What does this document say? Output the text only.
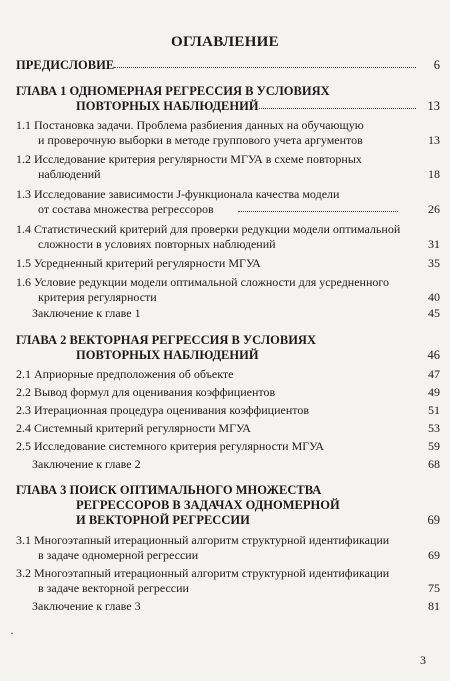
ОГЛАВЛЕНИЕ
ПРЕДИСЛОВИЕ	6
ГЛАВА 1 ОДНОМЕРНАЯ РЕГРЕССИЯ В УСЛОВИЯХ
ПОВТОРНЫХ НАБЛЮДЕНИЙ	13
1.1 Постановка задачи. Проблема разбиения данных на обучающую
и проверочную выборки в методе группового учета аргументов	13
1.2 Исследование критерия регулярности МГУА в схеме повторных
наблюдений	18
1.3 Исследование зависимости J-функционала качества модели
от состава множества регрессоров	26
1.4 Статистический критерий для проверки редукции модели оптимальной
сложности в условиях повторных наблюдений	31
1.5 Усредненный критерий регулярности МГУА	35
1.6 Условие редукции модели оптимальной сложности для усредненного
критерия регулярности	40
Заключение к главе 1	45
ГЛАВА 2 ВЕКТОРНАЯ РЕГРЕССИЯ В УСЛОВИЯХ
ПОВТОРНЫХ НАБЛЮДЕНИЙ	46
2.1 Априорные предположения об объекте	47
2.2 Вывод формул для оценивания коэффициентов	49
2.3 Итерационная процедура оценивания коэффициентов	51
2.4 Системный критерий регулярности МГУА	53
2.5 Исследование системного критерия регулярности МГУА	59
Заключение к главе 2	68
ГЛАВА 3 ПОИСК ОПТИМАЛЬНОГО МНОЖЕСТВА
РЕГРЕССОРОВ В ЗАДАЧАХ ОДНОМЕРНОЙ
И ВЕКТОРНОЙ РЕГРЕССИИ	69
3.1 Многоэтапный итерационный алгоритм структурной идентификации
в задаче одномерной регрессии	69
3.2 Многоэтапный итерационный алгоритм структурной идентификации
в задаче векторной регрессии	75
Заключение к главе 3	81
·
3
